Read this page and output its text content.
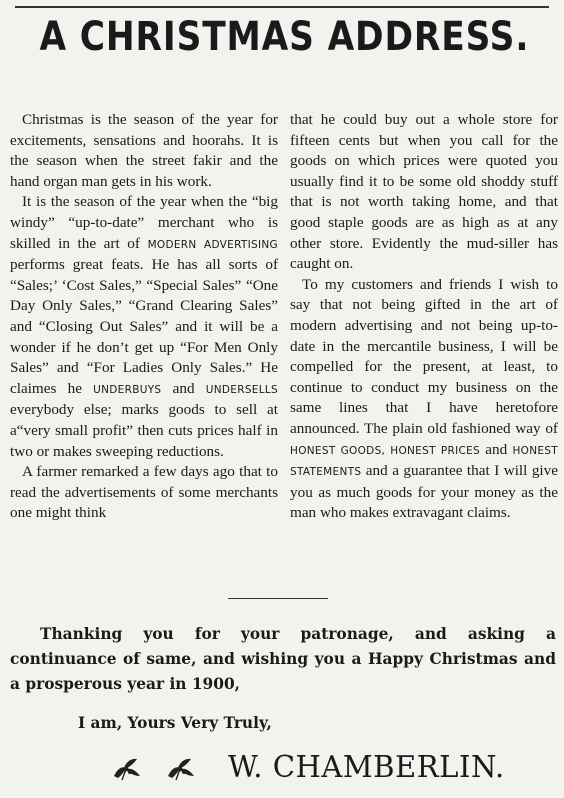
A CHRISTMAS ADDRESS.

Christmas is the season of the year for excitements, sensations and hoorahs. It is the season when the street fakir and the hand organ man gets in his work.

It is the season of the year when the “big windy” “up-to-date” merchant who is skilled in the art of MODERN ADVERTISING performs great feats. He has all sorts of “Sales;’ ‘Cost Sales,” “Special Sales” “One Day Only Sales,” “Grand Clearing Sales” and “Closing Out Sales” and it will be a wonder if he don’t get up “For Men Only Sales” and “For Ladies Only Sales.” He claimes he UNDERBUYS and UNDERSELLS everybody else; marks goods to sell at a“very small profit” then cuts prices half in two or makes sweeping reductions.

A farmer remarked a few days ago that to read the advertisements of some merchants one might think

that he could buy out a whole store for fifteen cents but when you call for the goods on which prices were quoted you usually find it to be some old shoddy stuff that is not worth taking home, and that good staple goods are as high as at any other store. Evidently the mud-siller has caught on.

To my customers and friends I wish to say that not being gifted in the art of modern advertising and not being up-to-date in the mercantile business, I will be compelled for the present, at least, to continue to conduct my business on the same lines that I have heretofore announced. The plain old fashioned way of HONEST GOODS, HONEST PRICES and HONEST STATEMENTS and a guarantee that I will give you as much goods for your money as the man who makes extravagant claims.

Thanking you for your patronage, and asking a continuance of same, and wishing you a Happy Christmas and a prosperous year in 1900,

I am, Yours Very Truly,
W. CHAMBERLIN.
